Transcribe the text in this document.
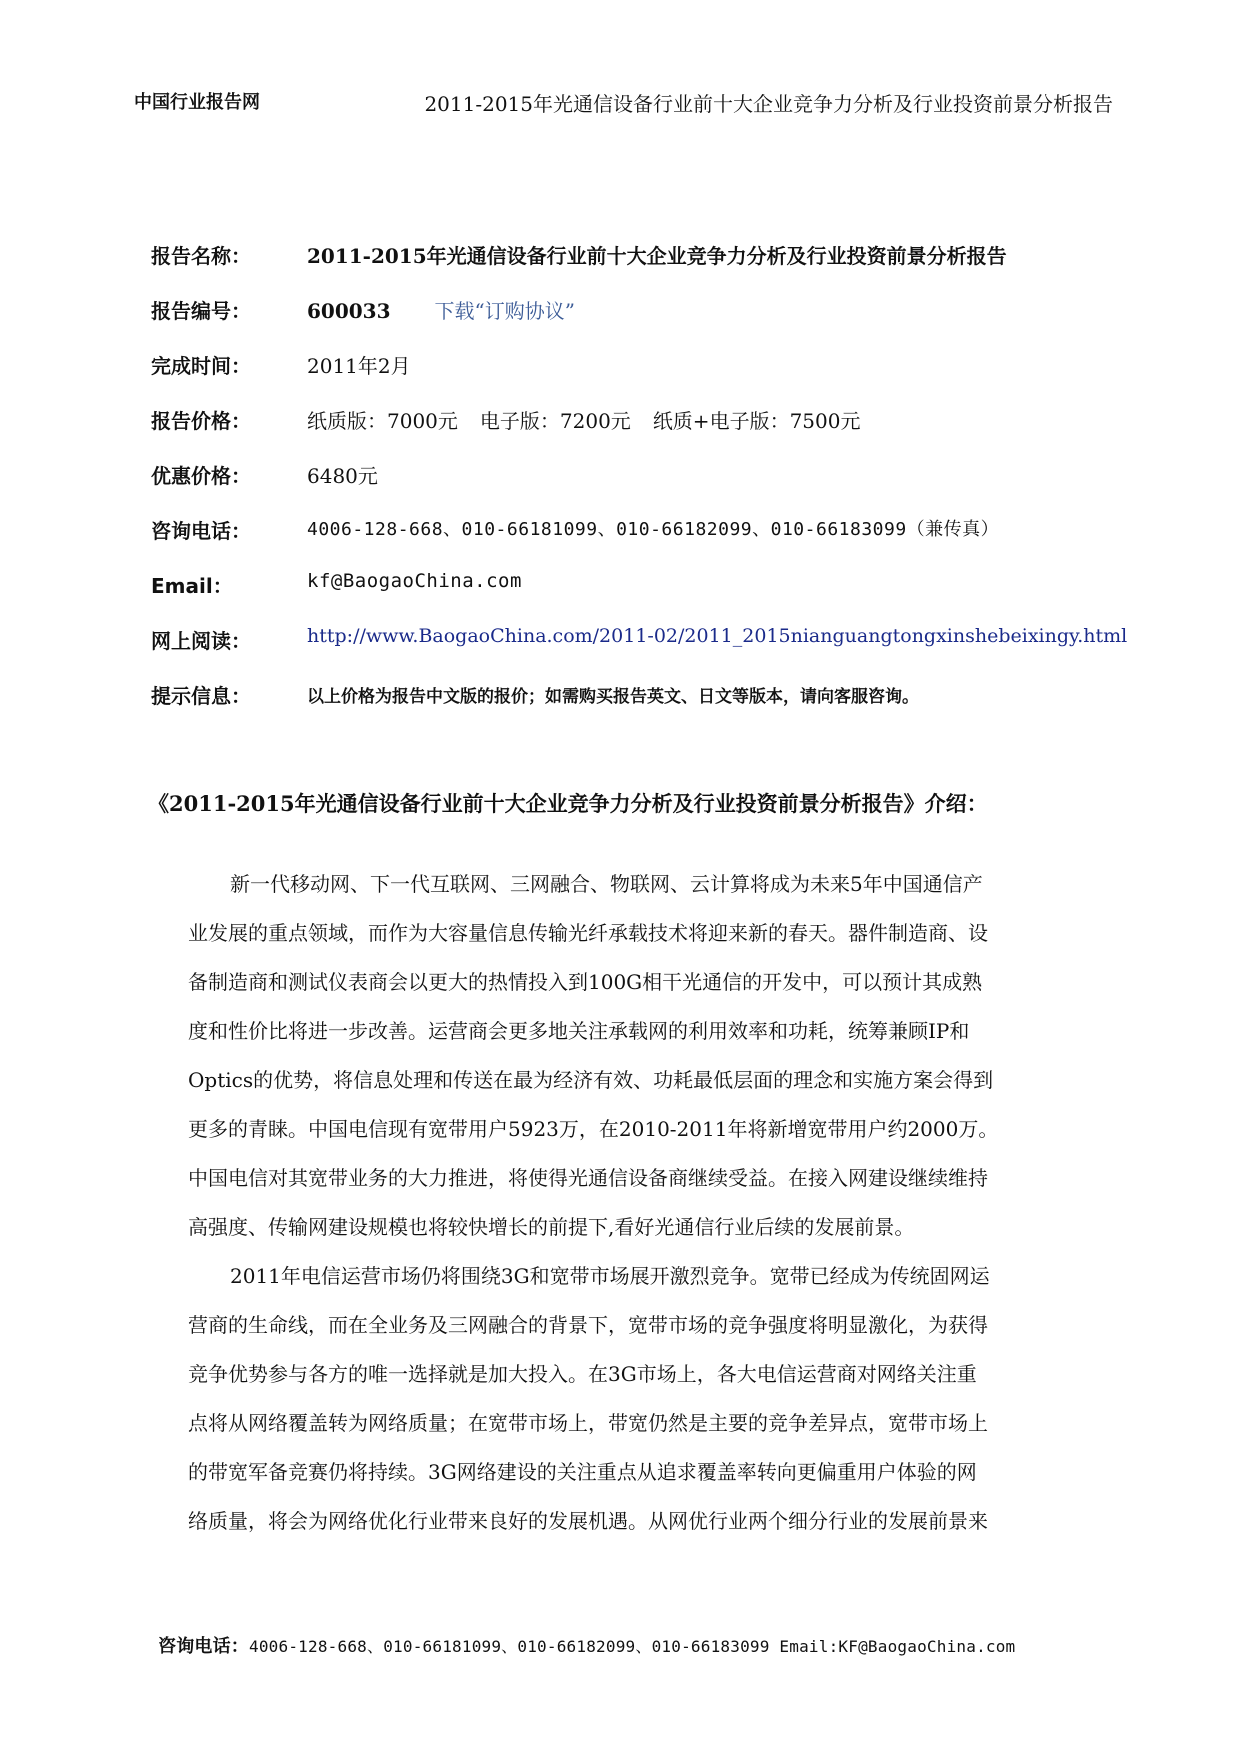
中国行业报告网	2011-2015年光通信设备行业前十大企业竞争力分析及行业投资前景分析报告
报告名称：	2011-2015年光通信设备行业前十大企业竞争力分析及行业投资前景分析报告
报告编号：	600033 下载“订购协议”
完成时间：	2011年2月
报告价格：	纸质版：7000元 电子版：7200元 纸质+电子版：7500元
优惠价格：	6480元
咨询电话：	4006-128-668、010-66181099、010-66182099、010-66183099（兼传真）
Email：	kf@BaogaoChina.com
网上阅读：	http://www.BaogaoChina.com/2011-02/2011_2015nianguangtongxinshebeixingy.html
提示信息：	以上价格为报告中文版的报价；如需购买报告英文、日文等版本，请向客服咨询。
《2011-2015年光通信设备行业前十大企业竞争力分析及行业投资前景分析报告》介绍：
新一代移动网、下一代互联网、三网融合、物联网、云计算将成为未来5年中国通信产
业发展的重点领域，而作为大容量信息传输光纤承载技术将迎来新的春天。器件制造商、设
备制造商和测试仪表商会以更大的热情投入到100G相干光通信的开发中，可以预计其成熟
度和性价比将进一步改善。运营商会更多地关注承载网的利用效率和功耗，统筹兼顾IP和
Optics的优势，将信息处理和传送在最为经济有效、功耗最低层面的理念和实施方案会得到
更多的青睐。中国电信现有宽带用户5923万，在2010-2011年将新增宽带用户约2000万。
中国电信对其宽带业务的大力推进，将使得光通信设备商继续受益。在接入网建设继续维持
高强度、传输网建设规模也将较快增长的前提下,看好光通信行业后续的发展前景。
2011年电信运营市场仍将围绕3G和宽带市场展开激烈竞争。宽带已经成为传统固网运
营商的生命线，而在全业务及三网融合的背景下，宽带市场的竞争强度将明显激化，为获得
竞争优势参与各方的唯一选择就是加大投入。在3G市场上，各大电信运营商对网络关注重
点将从网络覆盖转为网络质量；在宽带市场上，带宽仍然是主要的竞争差异点，宽带市场上
的带宽军备竞赛仍将持续。3G网络建设的关注重点从追求覆盖率转向更偏重用户体验的网
络质量，将会为网络优化行业带来良好的发展机遇。从网优行业两个细分行业的发展前景来
咨询电话：4006-128-668、010-66181099、010-66182099、010-66183099 Email:KF@BaogaoChina.com
